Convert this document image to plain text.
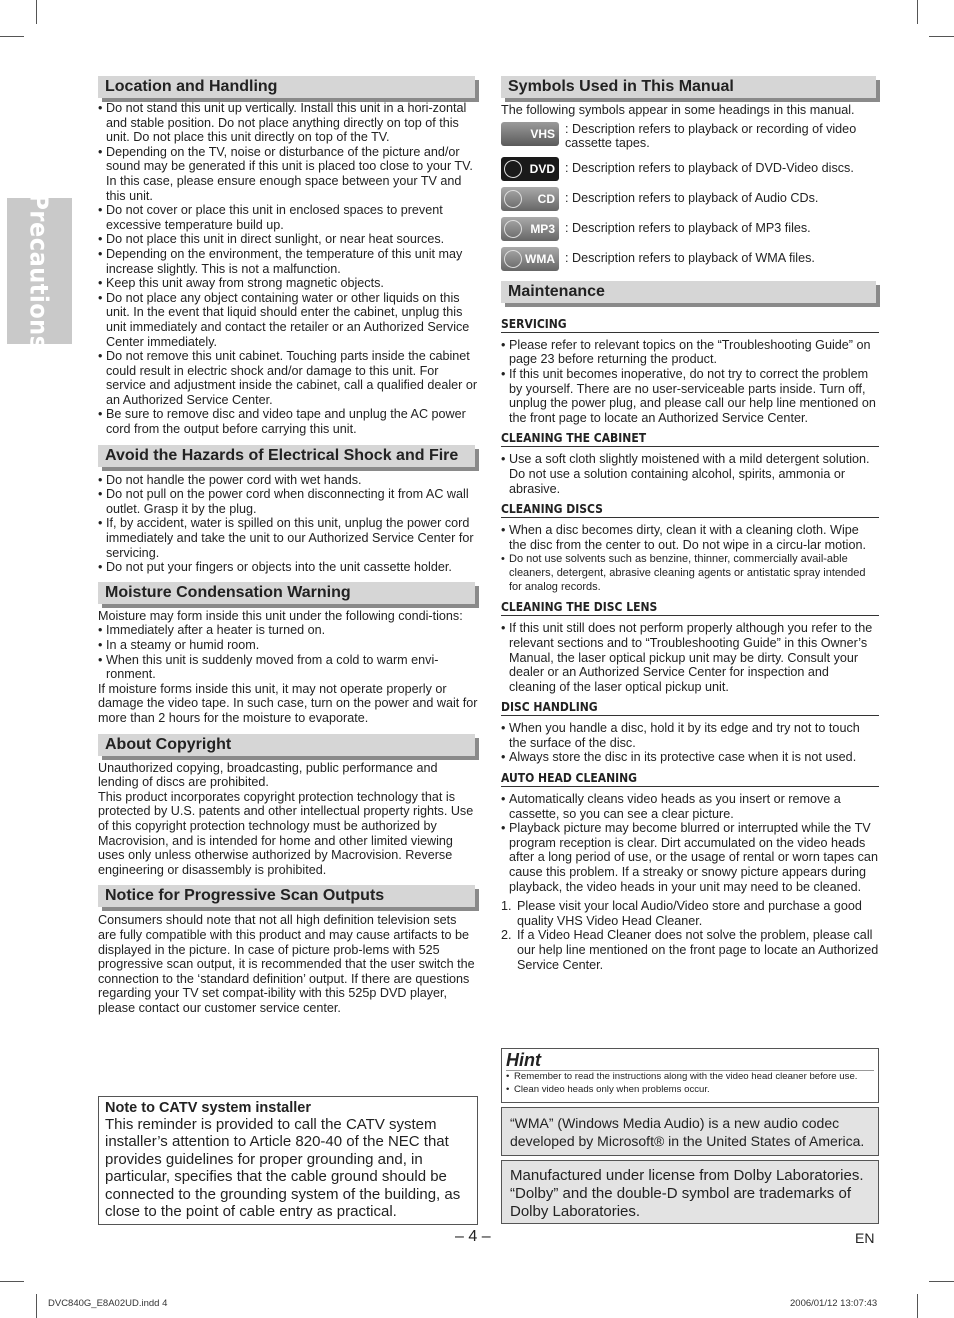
Precautions
Location and Handling
• Do not stand this unit up vertically. Install this unit in a hori-zontal and stable position. Do not place anything directly on top of this unit. Do not place this unit directly on top of the TV.
• Depending on the TV, noise or disturbance of the picture and/or sound may be generated if this unit is placed too close to your TV. In this case, please ensure enough space between your TV and this unit.
• Do not cover or place this unit in enclosed spaces to prevent excessive temperature build up.
• Do not place this unit in direct sunlight, or near heat sources.
• Depending on the environment, the temperature of this unit may increase slightly. This is not a malfunction.
• Keep this unit away from strong magnetic objects.
• Do not place any object containing water or other liquids on this unit. In the event that liquid should enter the cabinet, unplug this unit immediately and contact the retailer or an Authorized Service Center immediately.
• Do not remove this unit cabinet. Touching parts inside the cabinet could result in electric shock and/or damage to this unit. For service and adjustment inside the cabinet, call a qualified dealer or an Authorized Service Center.
• Be sure to remove disc and video tape and unplug the AC power cord from the output before carrying this unit.
Avoid the Hazards of Electrical Shock and Fire
• Do not handle the power cord with wet hands.
• Do not pull on the power cord when disconnecting it from AC wall outlet. Grasp it by the plug.
• If, by accident, water is spilled on this unit, unplug the power cord immediately and take the unit to our Authorized Service Center for servicing.
• Do not put your fingers or objects into the unit cassette holder.
Moisture Condensation Warning
Moisture may form inside this unit under the following condi-tions:
• Immediately after a heater is turned on.
• In a steamy or humid room.
• When this unit is suddenly moved from a cold to warm envi-ronment.
If moisture forms inside this unit, it may not operate properly or damage the video tape. In such case, turn on the power and wait for more than 2 hours for the moisture to evaporate.
About Copyright
Unauthorized copying, broadcasting, public performance and lending of discs are prohibited.
This product incorporates copyright protection technology that is protected by U.S. patents and other intellectual property rights. Use of this copyright protection technology must be authorized by Macrovision, and is intended for home and other limited viewing uses only unless otherwise authorized by Macrovision. Reverse engineering or disassembly is prohibited.
Notice for Progressive Scan Outputs
Consumers should note that not all high definition television sets are fully compatible with this product and may cause artifacts to be displayed in the picture. In case of picture prob-lems with 525 progressive scan output, it is recommended that the user switch the connection to the ‘standard definition’ output. If there are questions regarding your TV set compat-ibility with this 525p DVD player, please contact our customer service center.
Note to CATV system installer
This reminder is provided to call the CATV system installer’s attention to Article 820-40 of the NEC that provides guidelines for proper grounding and, in particular, specifies that the cable ground should be connected to the grounding system of the building, as close to the point of cable entry as practical.
Symbols Used in This Manual
The following symbols appear in some headings in this manual.
VHS : Description refers to playback or recording of video cassette tapes.
DVD : Description refers to playback of DVD-Video discs.
CD : Description refers to playback of Audio CDs.
MP3 : Description refers to playback of MP3 files.
WMA : Description refers to playback of WMA files.
Maintenance
SERVICING
• Please refer to relevant topics on the “Troubleshooting Guide” on page 23 before returning the product.
• If this unit becomes inoperative, do not try to correct the problem by yourself. There are no user-serviceable parts inside. Turn off, unplug the power plug, and please call our help line mentioned on the front page to locate an Authorized Service Center.
CLEANING THE CABINET
• Use a soft cloth slightly moistened with a mild detergent solution. Do not use a solution containing alcohol, spirits, ammonia or abrasive.
CLEANING DISCS
• When a disc becomes dirty, clean it with a cleaning cloth. Wipe the disc from the center to out. Do not wipe in a circu-lar motion.
• Do not use solvents such as benzine, thinner, commercially avail-able cleaners, detergent, abrasive cleaning agents or antistatic spray intended for analog records.
CLEANING THE DISC LENS
• If this unit still does not perform properly although you refer to the relevant sections and to “Troubleshooting Guide” in this Owner’s Manual, the laser optical pickup unit may be dirty. Consult your dealer or an Authorized Service Center for inspection and cleaning of the laser optical pickup unit.
DISC HANDLING
• When you handle a disc, hold it by its edge and try not to touch the surface of the disc.
• Always store the disc in its protective case when it is not used.
AUTO HEAD CLEANING
• Automatically cleans video heads as you insert or remove a cassette, so you can see a clear picture.
• Playback picture may become blurred or interrupted while the TV program reception is clear. Dirt accumulated on the video heads after a long period of use, or the usage of rental or worn tapes can cause this problem. If a streaky or snowy picture appears during playback, the video heads in your unit may need to be cleaned.
1. Please visit your local Audio/Video store and purchase a good quality VHS Video Head Cleaner.
2. If a Video Head Cleaner does not solve the problem, please call our help line mentioned on the front page to locate an Authorized Service Center.
Hint
• Remember to read the instructions along with the video head cleaner before use.
• Clean video heads only when problems occur.
“WMA” (Windows Media Audio) is a new audio codec developed by Microsoft® in the United States of America.
Manufactured under license from Dolby Laboratories. “Dolby” and the double-D symbol are trademarks of Dolby Laboratories.
– 4 –	EN
DVC840G_E8A02UD.indd 4	2006/01/12 13:07:43
